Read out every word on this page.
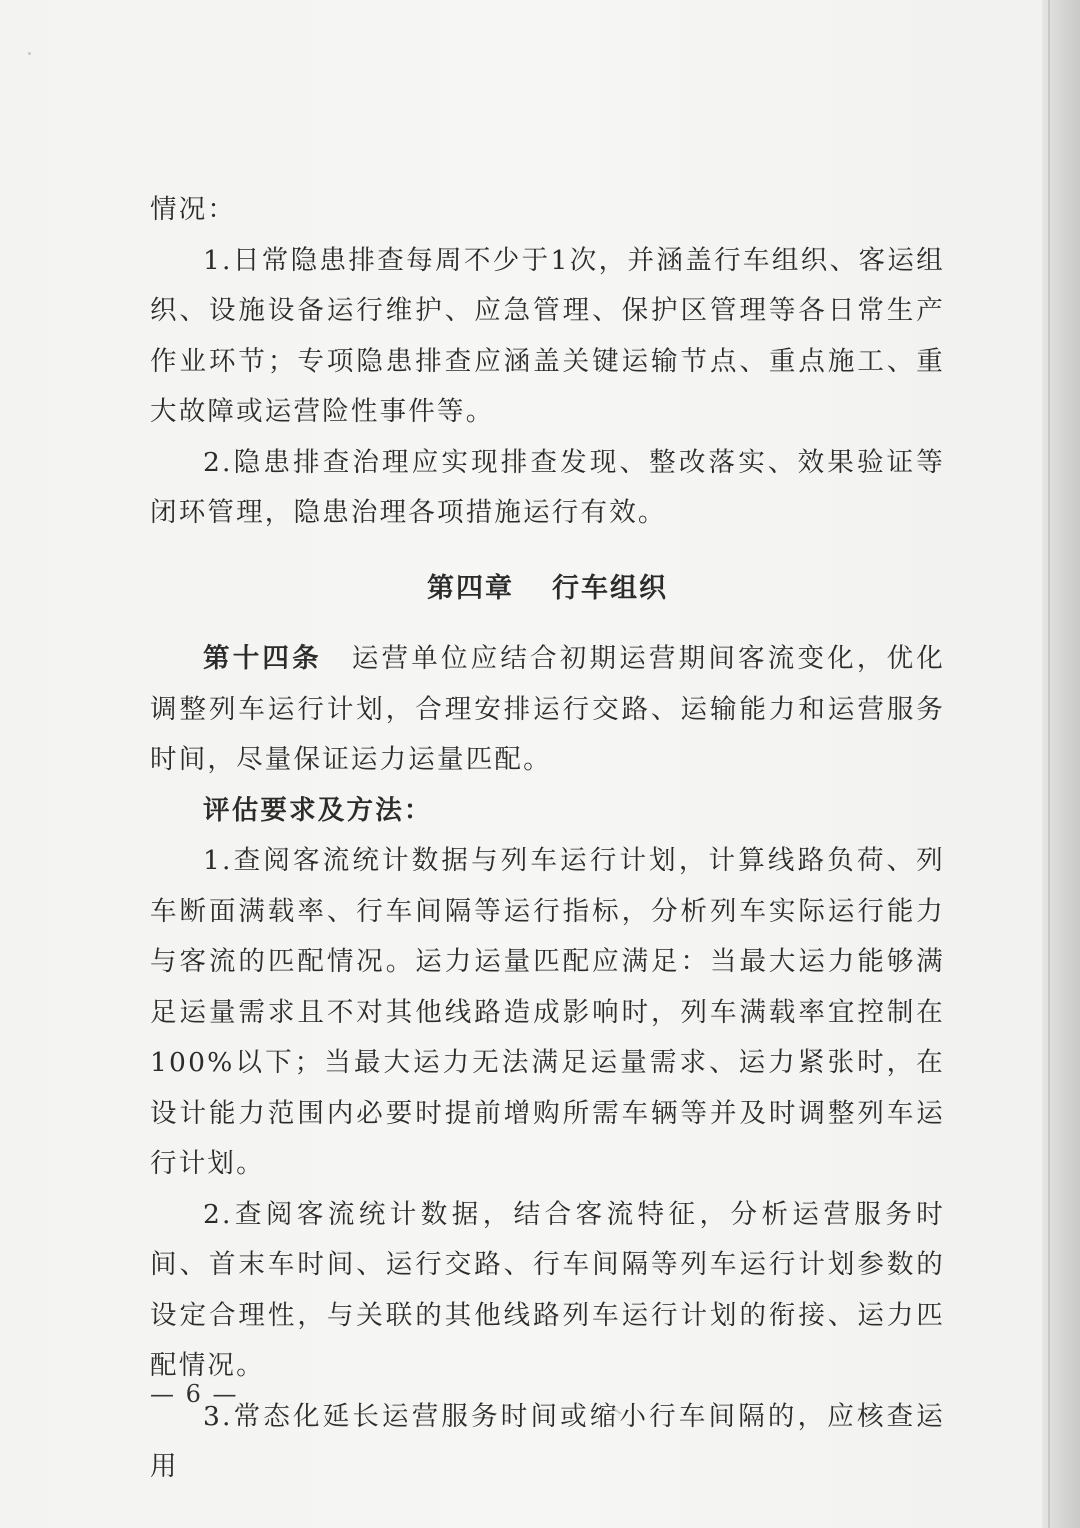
情况：

1.日常隐患排查每周不少于1次，并涵盖行车组织、客运组织、设施设备运行维护、应急管理、保护区管理等各日常生产作业环节；专项隐患排查应涵盖关键运输节点、重点施工、重大故障或运营险性事件等。

2.隐患排查治理应实现排查发现、整改落实、效果验证等闭环管理，隐患治理各项措施运行有效。

第四章 行车组织

第十四条 运营单位应结合初期运营期间客流变化，优化调整列车运行计划，合理安排运行交路、运输能力和运营服务时间，尽量保证运力运量匹配。

评估要求及方法：

1.查阅客流统计数据与列车运行计划，计算线路负荷、列车断面满载率、行车间隔等运行指标，分析列车实际运行能力与客流的匹配情况。运力运量匹配应满足：当最大运力能够满足运量需求且不对其他线路造成影响时，列车满载率宜控制在100%以下；当最大运力无法满足运量需求、运力紧张时，在设计能力范围内必要时提前增购所需车辆等并及时调整列车运行计划。

2.查阅客流统计数据，结合客流特征，分析运营服务时间、首末车时间、运行交路、行车间隔等列车运行计划参数的设定合理性，与关联的其他线路列车运行计划的衔接、运力匹配情况。

3.常态化延长运营服务时间或缩小行车间隔的，应核查运用

— 6 —
